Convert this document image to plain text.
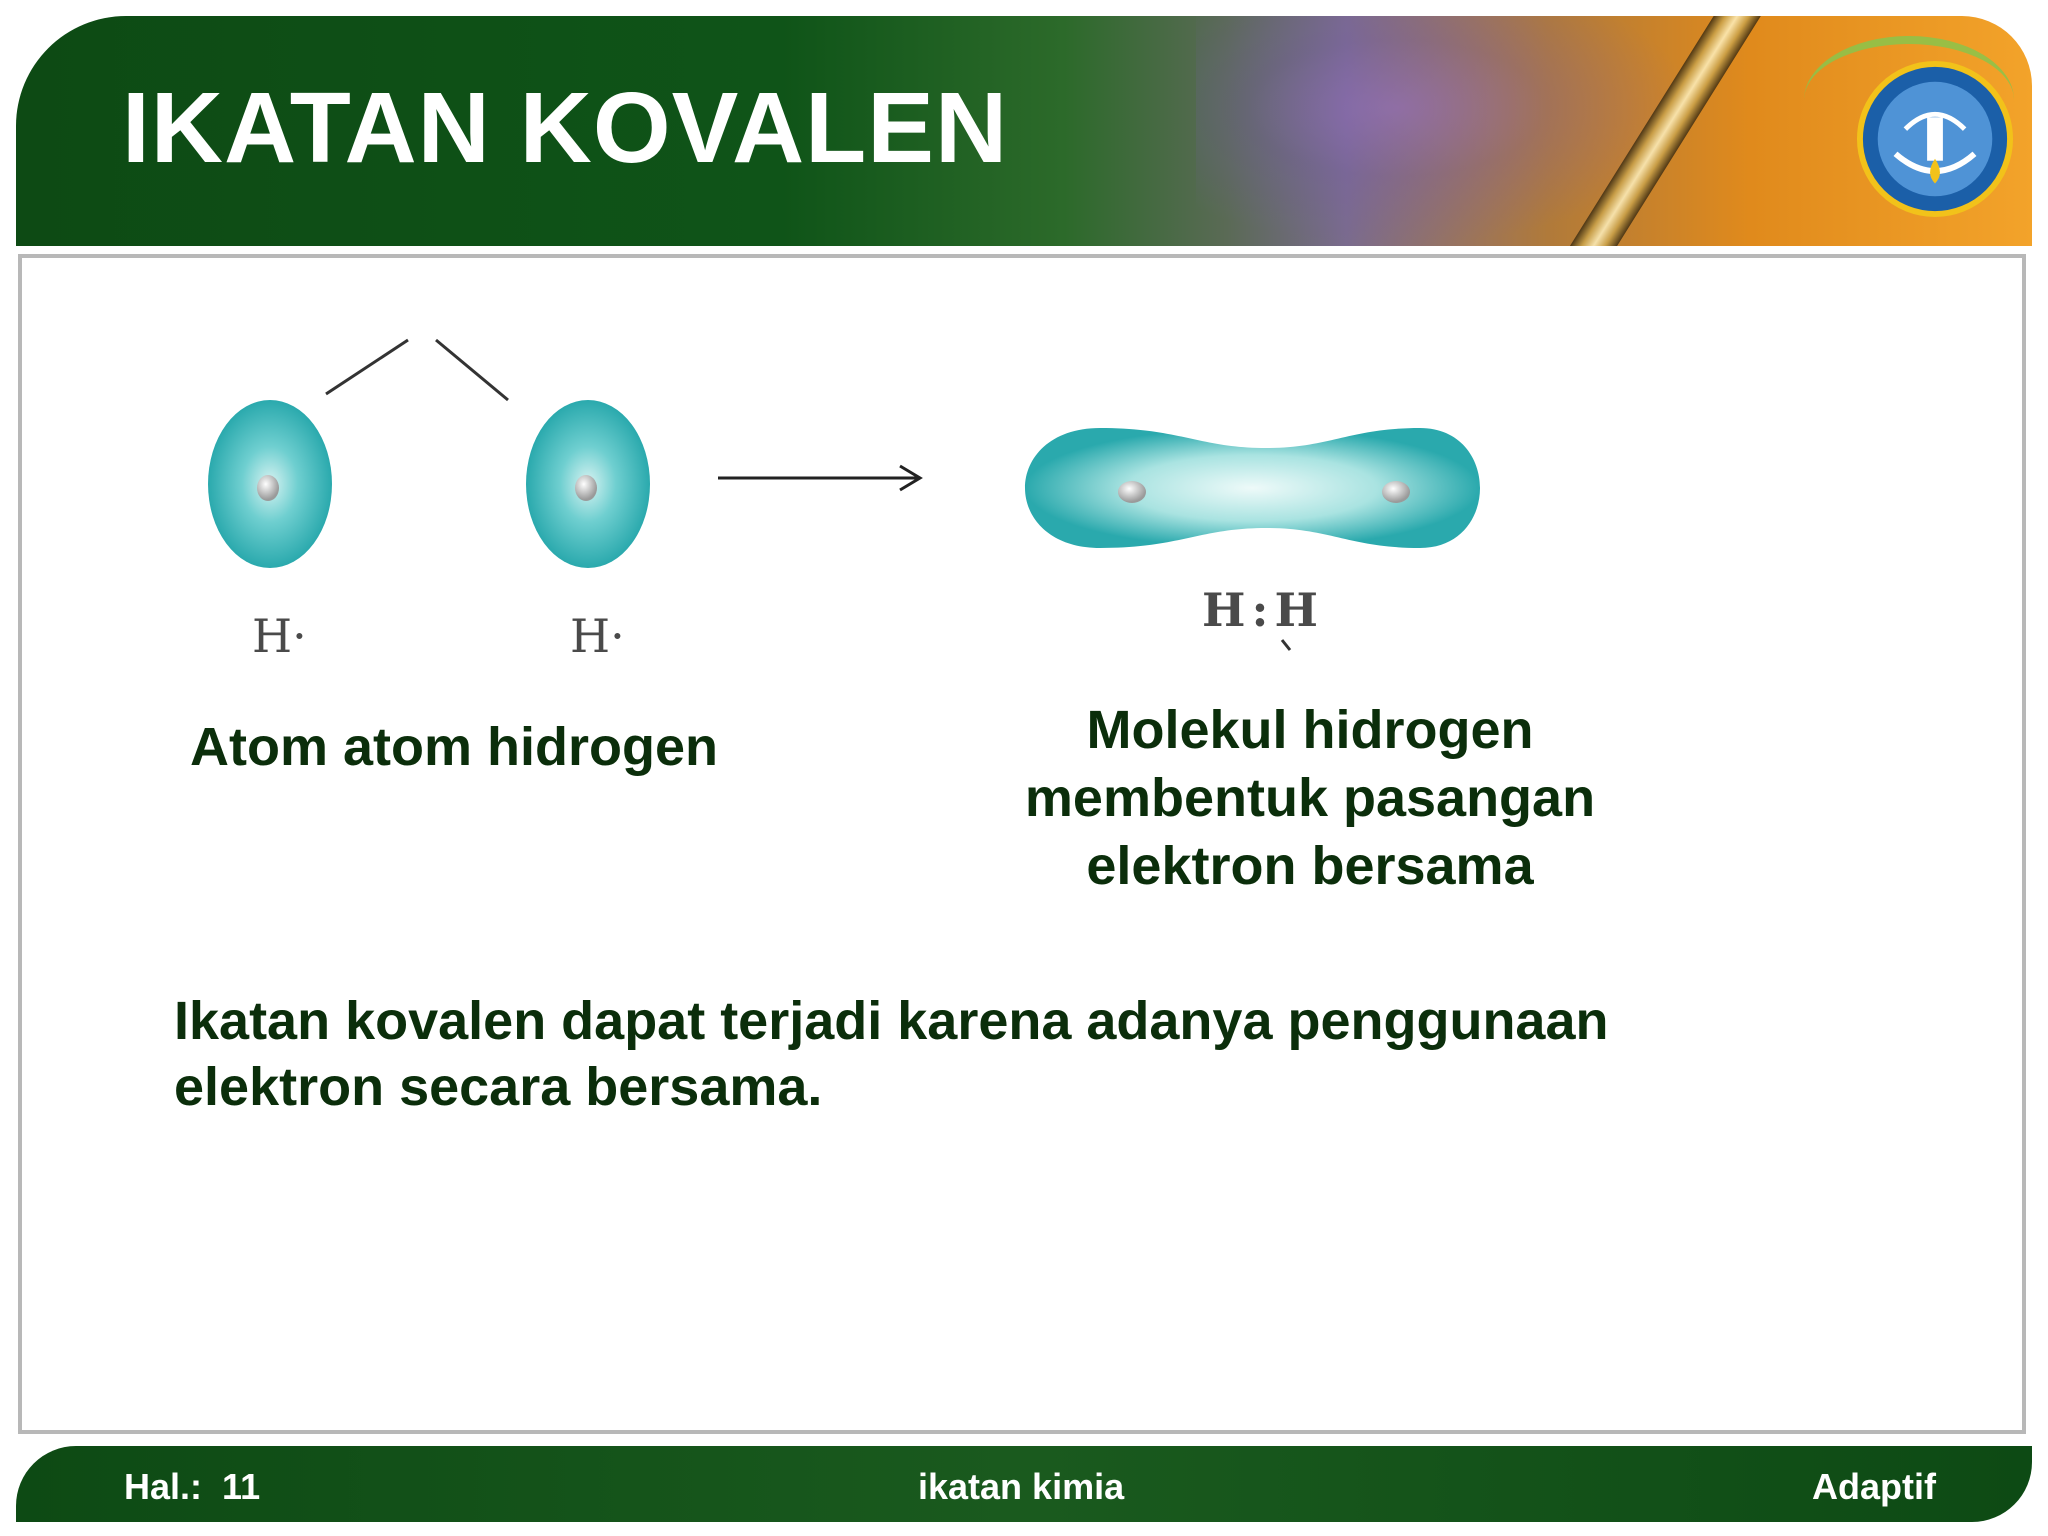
IKATAN KOVALEN
H·	H·	H:H

Atom atom hidrogen	Molekul hidrogen
membentuk pasangan
elektron bersama

Ikatan kovalen dapat terjadi karena adanya penggunaan elektron secara bersama.

Hal.: 11	ikatan kimia	Adaptif
